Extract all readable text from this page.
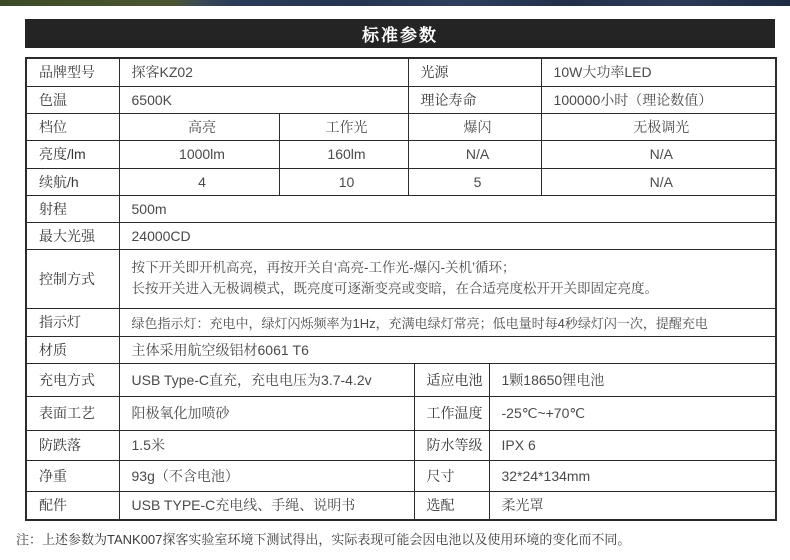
标准参数
品牌型号	探客KZ02		光源			10W大功率LED
色温	6500K		理论寿命			100000小时（理论数值）
档位	高亮	工作光	爆闪			无极调光
亮度/lm	1000lm	160lm	N/A			N/A
续航/h	4	10	5			N/A
射程	500m					
最大光强	24000CD					
控制方式	按下开关即开机高亮，再按开关自‘高亮-工作光-爆闪-关机’循环；
长按开关进入无极调模式，既亮度可逐渐变亮或变暗，在合适亮度松开开关即固定亮度。					

指示灯	绿色指示灯：充电中，绿灯闪烁频率为1Hz，充满电绿灯常亮；低电量时每4秒绿灯闪一次，提醒充电					
材质	主体采用航空级铝材6061 T6					
充电方式	USB Type-C直充，充电电压为3.7-4.2v			适应电池	1颗18650锂电池	
表面工艺	阳极氧化加喷砂			工作温度	-25℃~+70℃	
防跌落	1.5米			防水等级	IPX 6	
净重	93g（不含电池）			尺寸	32*24*134mm	
配件	USB TYPE-C充电线、手绳、说明书			选配	柔光罩	
注：上述参数为TANK007探客实验室环境下测试得出，实际表现可能会因电池以及使用环境的变化而不同。
